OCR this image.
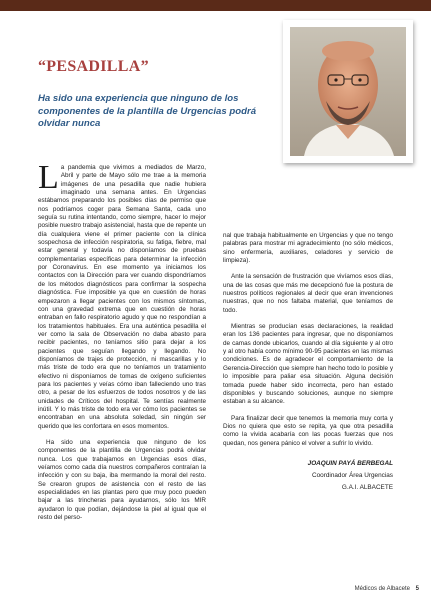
“PESADILLA”
Ha sido una experiencia que ninguno de los componentes de la plantilla de Urgencias podrá olvidar nunca

La pandemia que vivimos a mediados de Marzo, Abril y parte de Mayo sólo me trae a la memoria imágenes de una pesadilla que nadie hubiera imaginado una semana antes. En Urgencias estábamos preparando los posibles días de permiso que nos podríamos coger para Semana Santa, cada uno seguía su rutina intentando, como siempre, hacer lo mejor posible nuestro trabajo asistencial, hasta que de repente un día cualquiera viene el primer paciente con la clínica sospechosa de infección respiratoria, su fatiga, fiebre, mal estar general y todavía no disponíamos de pruebas complementarias específicas para determinar la infección por Coronavirus. En ese momento ya iniciamos los contactos con la Dirección para ver cuando dispondríamos de los métodos diagnósticos para confirmar la sospecha diagnóstica. Fue imposible ya que en cuestión de horas empezaron a llegar pacientes con los mismos síntomas, con una gravedad extrema que en cuestión de horas entraban en fallo respiratorio agudo y que no respondían a los tratamientos habituales. Era una auténtica pesadilla el ver como la sala de Observación no daba abasto para recibir pacientes, no teníamos sitio para dejar a los pacientes que seguían llegando y llegando. No disponíamos de trajes de protección, ni mascarillas y lo más triste de todo era que no teníamos un tratamiento efectivo ni disponíamos de tomas de oxígeno suficientes para los pacientes y veías cómo iban falleciendo uno tras otro, a pesar de los esfuerzos de todos nosotros y de las unidades de Críticos del hospital. Te sentías realmente inútil. Y lo más triste de todo era ver cómo los pacientes se encontraban en una absoluta soledad, sin ningún ser querido que les confortara en esos momentos.

Ha sido una experiencia que ninguno de los componentes de la plantilla de Urgencias podrá olvidar nunca. Los que trabajamos en Urgencias esos días, veíamos como cada día nuestros compañeros contraían la infección y con su baja, iba mermando la moral del resto. Se crearon grupos de asistencia con el resto de las especialidades en las plantas pero que muy poco pueden bajar a las trincheras para ayudarnos, sólo los MIR ayudaron lo que podían, dejándose la piel al igual que el resto del perso-

nal que trabaja habitualmente en Urgencias y que no tengo palabras para mostrar mi agradecimiento (no sólo médicos, sino enfermería, auxiliares, celadores y servicio de limpieza).

Ante la sensación de frustración que vivíamos esos días, una de las cosas que más me decepcionó fue la postura de nuestros políticos regionales al decir que eran invenciones nuestras, que no nos faltaba material, que teníamos de todo.

Mientras se producían esas declaraciones, la realidad eran los 136 pacientes para ingresar, que no disponíamos de camas donde ubicarlos, cuando al día siguiente y al otro y al otro había como mínimo 90-95 pacientes en las mismas condiciones. Es de agradecer el comportamiento de la Gerencia-Dirección que siempre han hecho todo lo posible y lo imposible para paliar esa situación. Alguna decisión tomada puede haber sido incorrecta, pero han estado disponibles y buscando soluciones, aunque no siempre estaban a su alcance.

Para finalizar decir que tenemos la memoria muy corta y Dios no quiera que esto se repita, ya que otra pesadilla como la vivida acabaría con las pocas fuerzas que nos quedan, nos genera pánico el volver a sufrir lo vivido.

JOAQUIN PAYÁ BERBEGAL
Coordinador Área Urgencias
G.A.I. ALBACETE
Médicos de Albacete 5
